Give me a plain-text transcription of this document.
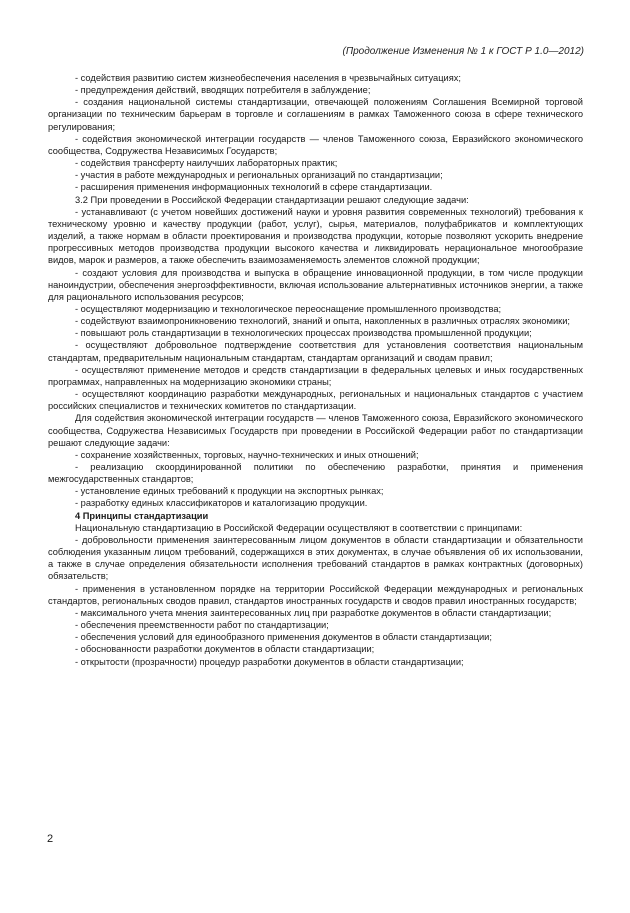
(Продолжение Изменения № 1 к ГОСТ Р 1.0—2012)

- содействия развитию систем жизнеобеспечения населения в чрезвычайных ситуациях;

- предупреждения действий, вводящих потребителя в заблуждение;

- создания национальной системы стандартизации, отвечающей положениям Соглашения Всемирной торговой организации по техническим барьерам в торговле и соглашениям в рамках Таможенного союза в сфере технического регулирования;

- содействия экономической интеграции государств — членов Таможенного союза, Евразийского экономического сообщества, Содружества Независимых Государств;

- содействия трансферту наилучших лабораторных практик;

- участия в работе международных и региональных организаций по стандартизации;

- расширения применения информационных технологий в сфере стандартизации.

3.2 При проведении в Российской Федерации стандартизации решают следующие задачи:

- устанавливают (с учетом новейших достижений науки и уровня развития современных технологий) требования к техническому уровню и качеству продукции (работ, услуг), сырья, материалов, полуфабрикатов и комплектующих изделий, а также нормам в области проектирования и производства продукции, которые позволяют ускорить внедрение прогрессивных методов производства продукции высокого качества и ликвидировать нерациональное многообразие видов, марок и размеров, а также обеспечить взаимозаменяемость элементов сложной продукции;

- создают условия для производства и выпуска в обращение инновационной продукции, в том числе продукции наноиндустрии, обеспечения энергоэффективности, включая использование альтернативных источников энергии, а также для рационального использования ресурсов;

- осуществляют модернизацию и технологическое переоснащение промышленного производства;

- содействуют взаимопроникновению технологий, знаний и опыта, накопленных в различных отраслях экономики;

- повышают роль стандартизации в технологических процессах производства промышленной продукции;

- осуществляют добровольное подтверждение соответствия для установления соответствия национальным стандартам, предварительным национальным стандартам, стандартам организаций и сводам правил;

- осуществляют применение методов и средств стандартизации в федеральных целевых и иных государственных программах, направленных на модернизацию экономики страны;

- осуществляют координацию разработки международных, региональных и национальных стандартов с участием российских специалистов и технических комитетов по стандартизации.

Для содействия экономической интеграции государств — членов Таможенного союза, Евразийского экономического сообщества, Содружества Независимых Государств при проведении в Российской Федерации работ по стандартизации решают следующие задачи:

- сохранение хозяйственных, торговых, научно-технических и иных отношений;

- реализацию скоординированной политики по обеспечению разработки, принятия и применения межгосударственных стандартов;

- установление единых требований к продукции на экспортных рынках;

- разработку единых классификаторов и каталогизацию продукции.

4 Принципы стандартизации

Национальную стандартизацию в Российской Федерации осуществляют в соответствии с принципами:

- добровольности применения заинтересованным лицом документов в области стандартизации и обязательности соблюдения указанным лицом требований, содержащихся в этих документах, в случае объявления об их использовании, а также в случае определения обязательности исполнения требований стандартов в рамках контрактных (договорных) обязательств;

- применения в установленном порядке на территории Российской Федерации международных и региональных стандартов, региональных сводов правил, стандартов иностранных государств и сводов правил иностранных государств;

- максимального учета мнения заинтересованных лиц при разработке документов в области стандартизации;

- обеспечения преемственности работ по стандартизации;

- обеспечения условий для единообразного применения документов в области стандартизации;

- обоснованности разработки документов в области стандартизации;

- открытости (прозрачности) процедур разработки документов в области стандартизации;

2
